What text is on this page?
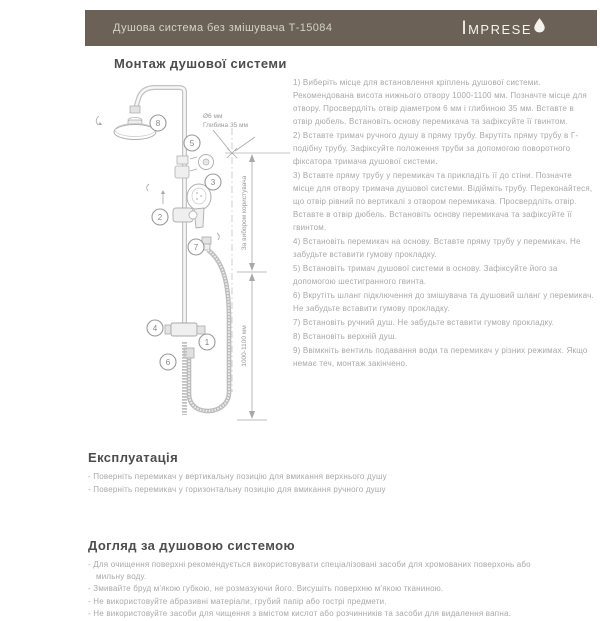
Душова система без змішувача Т-15084	IMPRESE
Монтаж душової системи
Ø6 мм
Глибина 35 мм
За вибором користувача
1000-1100 мм
8
5
3
2
7
4
1
6

1) Виберіть місце для встановлення кріплень душової системи. Рекомендована висота нижнього отвору 1000-1100 мм. Позначте місце для отвору. Просвердліть отвір діаметром 6 мм і глибиною 35 мм. Вставте в отвір дюбель. Встановіть основу перемикача та зафіксуйте її гвинтом.

2) Вставте тримач ручного душу в пряму трубу. Вкрутіть пряму трубу в Г-подібну трубу. Зафіксуйте положення труби за допомогою поворотного фіксатора тримача душової системи.

3) Вставте пряму трубу у перемикач та прикладіть її до стіни. Позначте місце для отвору тримача душової системи. Відійміть трубу. Переконайтеся, що отвір рівний по вертикалі з отвором перемикача. Просвердліть отвір. Вставте в отвір дюбель. Встановіть основу перемикача та зафіксуйте її гвинтом.

4) Встановіть перемикач на основу. Вставте пряму трубу у перемикач. Не забудьте вставити гумову прокладку.

5) Встановіть тримач душової системи в основу. Зафіксуйте його за допомогою шестигранного гвинта.

6) Вкрутіть шланг підключення до змішувача та душовий шланг у перемикач. Не забудьте вставити гумову прокладку.

7) Встановіть ручний душ. Не забудьте вставити гумову прокладку.

8) Встановіть верхній душ.

9) Ввімкніть вентиль подавання води та перемикач у різних режимах. Якщо немає теч, монтаж закінчено.

Експлуатація
- Поверніть перемикач у вертикальну позицію для вмикання верхнього душу
- Поверніть перемикач у горизонтальну позицію для вмикання ручного душу
Догляд за душовою системою
- Для очищення поверхні рекомендується використовувати спеціалізовані засоби для хромованих поверхонь або мильну воду.
- Змивайте бруд м'якою губкою, не розмазуючи його. Висушіть поверхню м'якою тканиною.
- Не використовуйте абразивні матеріали, грубий папір або гострі предмети.
- Не використовуйте засоби для чищення з вмістом кислот або розчинників та засоби для видалення вапна.
